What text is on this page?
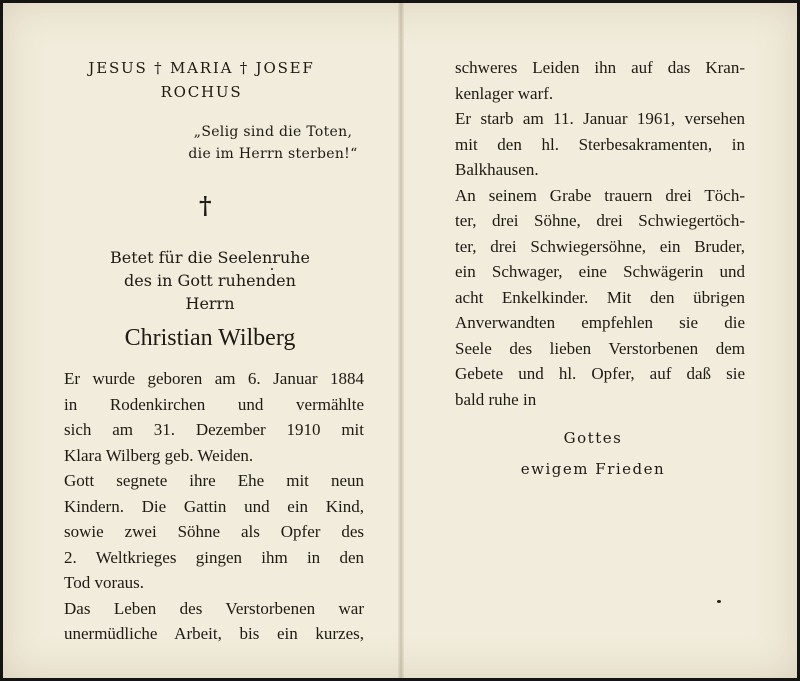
JESUS † MARIA † JOSEF
ROCHUS
„Selig sind die Toten,
die im Herrn sterben!“
†
Betet für die Seelenruhe
des in Gott ruhenden
Herrn
Christian Wilberg
Er wurde geboren am 6. Januar 1884
in Rodenkirchen und vermählte
sich am 31. Dezember 1910 mit
Klara Wilberg geb. Weiden.
Gott segnete ihre Ehe mit neun
Kindern. Die Gattin und ein Kind,
sowie zwei Söhne als Opfer des
2. Weltkrieges gingen ihm in den
Tod voraus.
Das Leben des Verstorbenen war
unermüdliche Arbeit, bis ein kurzes,
schweres Leiden ihn auf das Kran-
kenlager warf.
Er starb am 11. Januar 1961, versehen
mit den hl. Sterbesakramenten, in
Balkhausen.
An seinem Grabe trauern drei Töch-
ter, drei Söhne, drei Schwiegertöch-
ter, drei Schwiegersöhne, ein Bruder,
ein Schwager, eine Schwägerin und
acht Enkelkinder. Mit den übrigen
Anverwandten empfehlen sie die
Seele des lieben Verstorbenen dem
Gebete und hl. Opfer, auf daß sie
bald ruhe in
Gottes
ewigem Frieden
